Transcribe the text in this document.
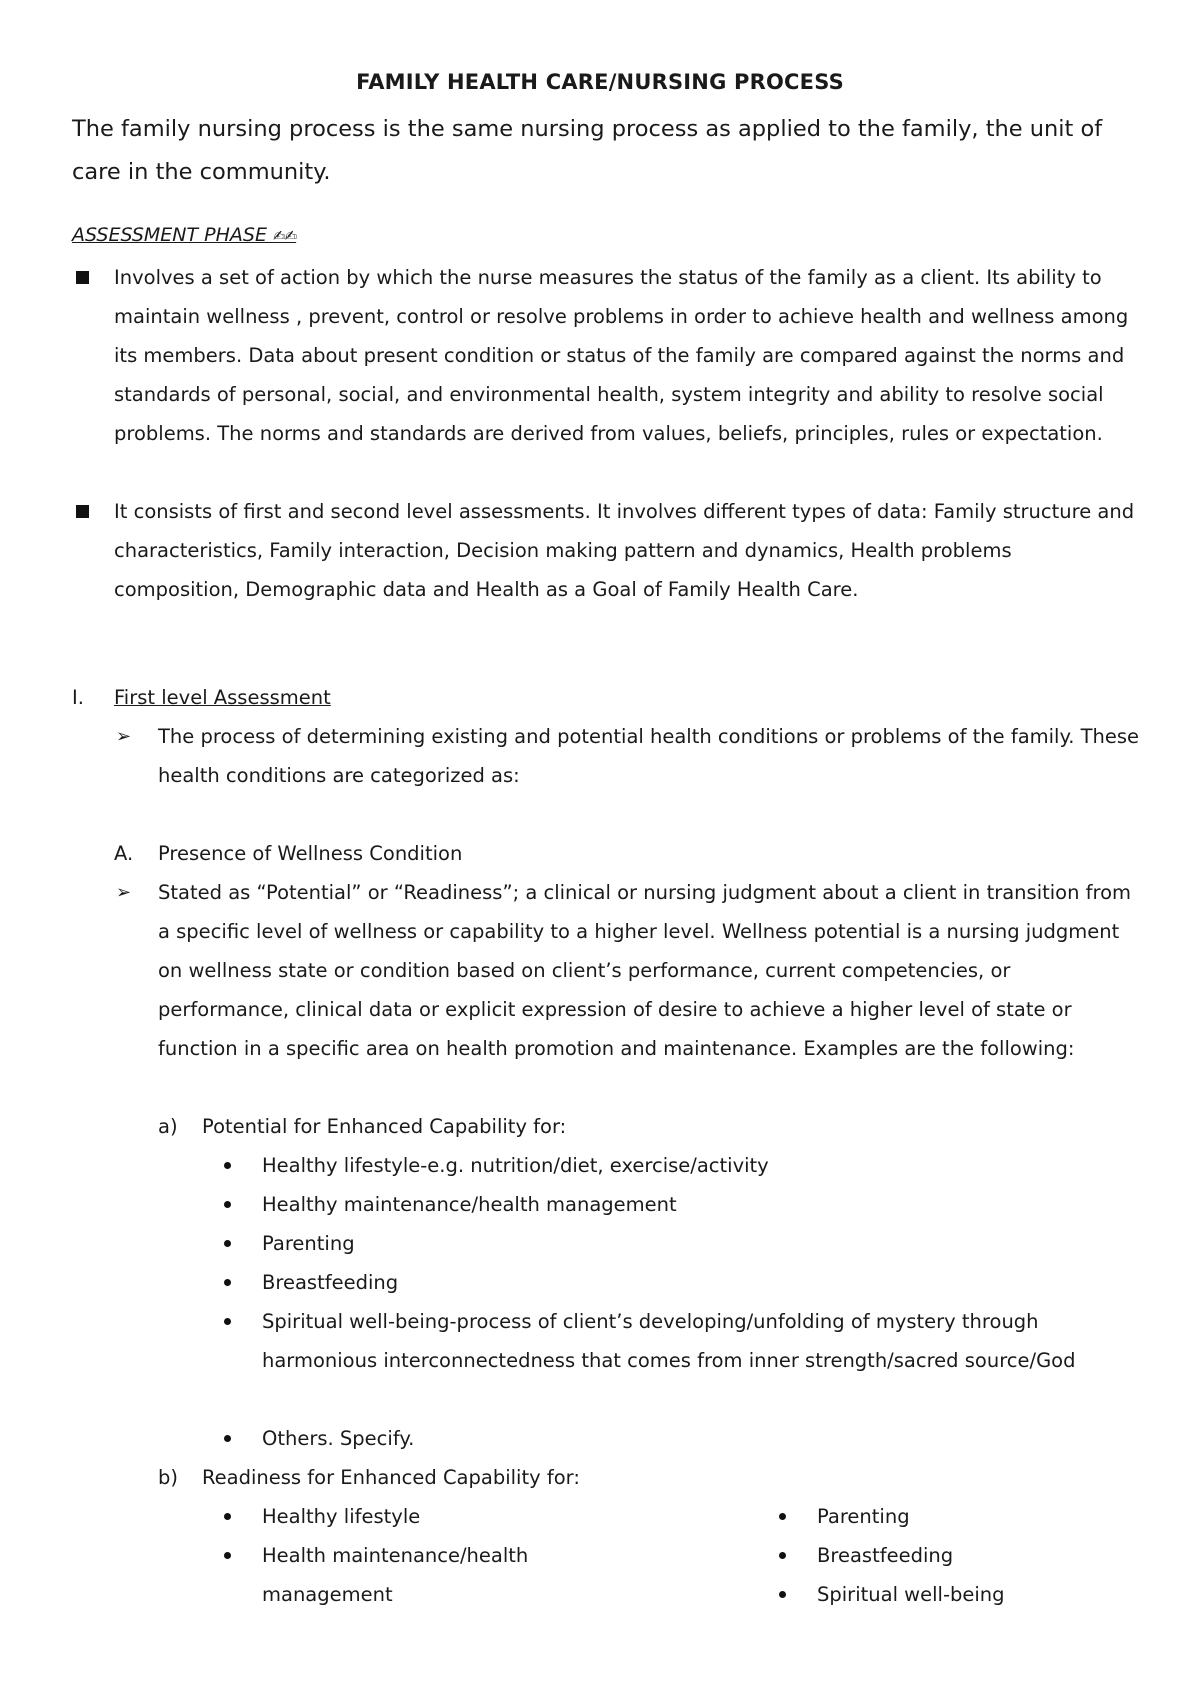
FAMILY HEALTH CARE/NURSING PROCESS
The family nursing process is the same nursing process as applied to the family, the unit of care in the community.
ASSESSMENT PHASE ✍✍
Involves a set of action by which the nurse measures the status of the family as a client. Its ability to maintain wellness , prevent, control or resolve problems in order to achieve health and wellness among its members. Data about present condition or status of the family are compared against the norms and standards of personal, social, and environmental health, system integrity and ability to resolve social problems. The norms and standards are derived from values, beliefs, principles, rules or expectation.
It consists of first and second level assessments. It involves different types of data: Family structure and characteristics, Family interaction, Decision making pattern and dynamics, Health problems composition, Demographic data and Health as a Goal of Family Health Care.
I. First level Assessment
➢ The process of determining existing and potential health conditions or problems of the family. These health conditions are categorized as:
A. Presence of Wellness Condition
➢ Stated as “Potential” or “Readiness”; a clinical or nursing judgment about a client in transition from a specific level of wellness or capability to a higher level. Wellness potential is a nursing judgment on wellness state or condition based on client’s performance, current competencies, or performance, clinical data or explicit expression of desire to achieve a higher level of state or function in a specific area on health promotion and maintenance. Examples are the following:
a) Potential for Enhanced Capability for:
Healthy lifestyle-e.g. nutrition/diet, exercise/activity
Healthy maintenance/health management
Parenting
Breastfeeding
Spiritual well-being-process of client’s developing/unfolding of mystery through harmonious interconnectedness that comes from inner strength/sacred source/God
Others. Specify.
b) Readiness for Enhanced Capability for:
Healthy lifestyle
Health maintenance/health management
Parenting
Breastfeeding
Spiritual well-being
